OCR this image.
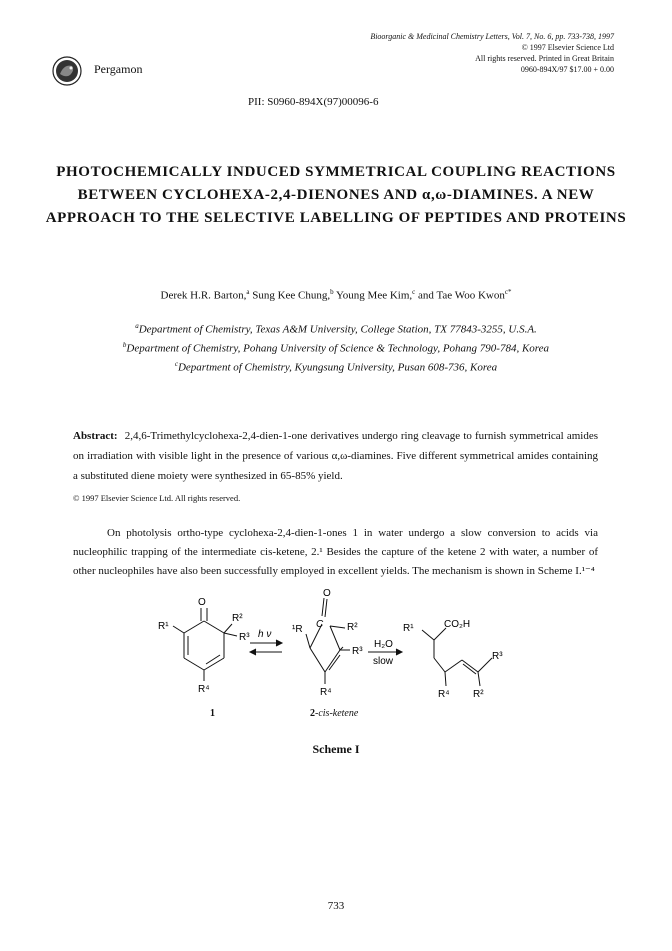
Pergamon
Bioorganic & Medicinal Chemistry Letters, Vol. 7, No. 6, pp. 733-738, 1997
© 1997 Elsevier Science Ltd
All rights reserved. Printed in Great Britain
0960-894X/97 $17.00 + 0.00
PII: S0960-894X(97)00096-6
PHOTOCHEMICALLY INDUCED SYMMETRICAL COUPLING REACTIONS BETWEEN CYCLOHEXA-2,4-DIENONES AND α,ω-DIAMINES. A NEW APPROACH TO THE SELECTIVE LABELLING OF PEPTIDES AND PROTEINS
Derek H.R. Barton,$^a$ Sung Kee Chung,$^b$ Young Mee Kim,$^c$ and Tae Woo Kwon$^{c*}$
$^a$Department of Chemistry, Texas A&M University, College Station, TX 77843-3255, U.S.A.
$^b$Department of Chemistry, Pohang University of Science & Technology, Pohang 790-784, Korea
$^c$Department of Chemistry, Kyungsung University, Pusan 608-736, Korea
Abstract: 2,4,6-Trimethylcyclohexa-2,4-dien-1-one derivatives undergo ring cleavage to furnish symmetrical amides on irradiation with visible light in the presence of various α,ω-diamines. Five different symmetrical amides containing a substituted diene moiety were synthesized in 65-85% yield.
© 1997 Elsevier Science Ltd. All rights reserved.
On photolysis ortho-type cyclohexa-2,4-dien-1-ones 1 in water undergo a slow conversion to acids via nucleophilic trapping of the intermediate cis-ketene, 2.¹ Besides the capture of the ketene 2 with water, a number of other nucleophiles have also been successfully employed in excellent yields. The mechanism is shown in Scheme I.¹⁻⁴
O
R¹
R²
R³
R⁴
h ν
O
¹R C R²
R³
R⁴
H₂O
slow
R¹	CO₂H
R³
R⁴ R²
1	2-cis-ketene
Scheme I
733
